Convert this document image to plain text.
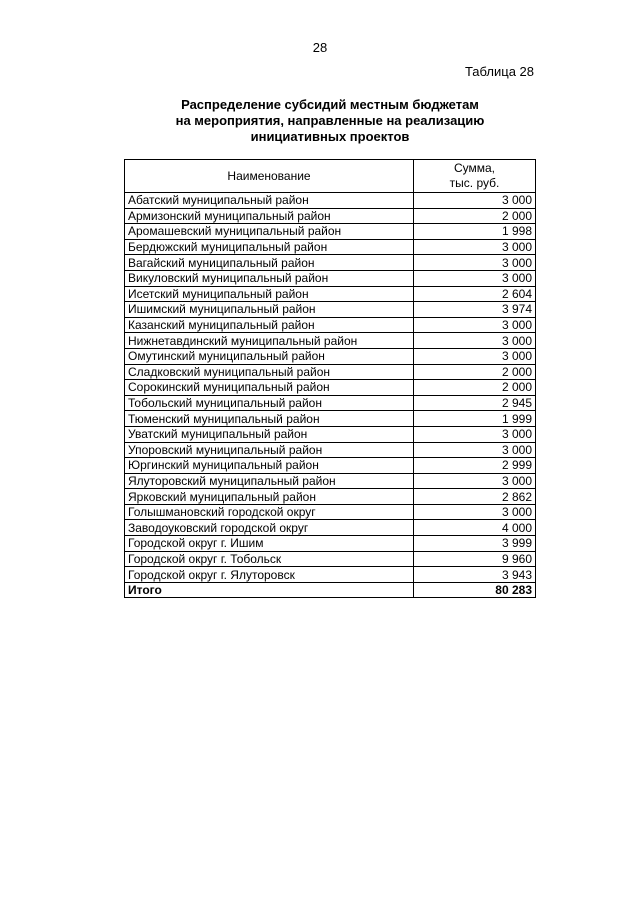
28
Таблица 28
Распределение субсидий местным бюджетам
на мероприятия, направленные на реализацию
инициативных проектов
Наименование	Сумма,
тыс. руб.

Абатский муниципальный район	3 000
Армизонский муниципальный район	2 000
Аромашевский муниципальный район	1 998
Бердюжский муниципальный район	3 000
Вагайский муниципальный район	3 000
Викуловский муниципальный район	3 000
Исетский муниципальный район	2 604
Ишимский муниципальный район	3 974
Казанский муниципальный район	3 000
Нижнетавдинский муниципальный район	3 000
Омутинский муниципальный район	3 000
Сладковский муниципальный район	2 000
Сорокинский муниципальный район	2 000
Тобольский муниципальный район	2 945
Тюменский муниципальный район	1 999
Уватский муниципальный район	3 000
Упоровский муниципальный район	3 000
Юргинский муниципальный район	2 999
Ялуторовский муниципальный район	3 000
Ярковский муниципальный район	2 862
Голышмановский городской округ	3 000
Заводоуковский городской округ	4 000
Городской округ г. Ишим	3 999
Городской округ г. Тобольск	9 960
Городской округ г. Ялуторовск	3 943
Итого	80 283
